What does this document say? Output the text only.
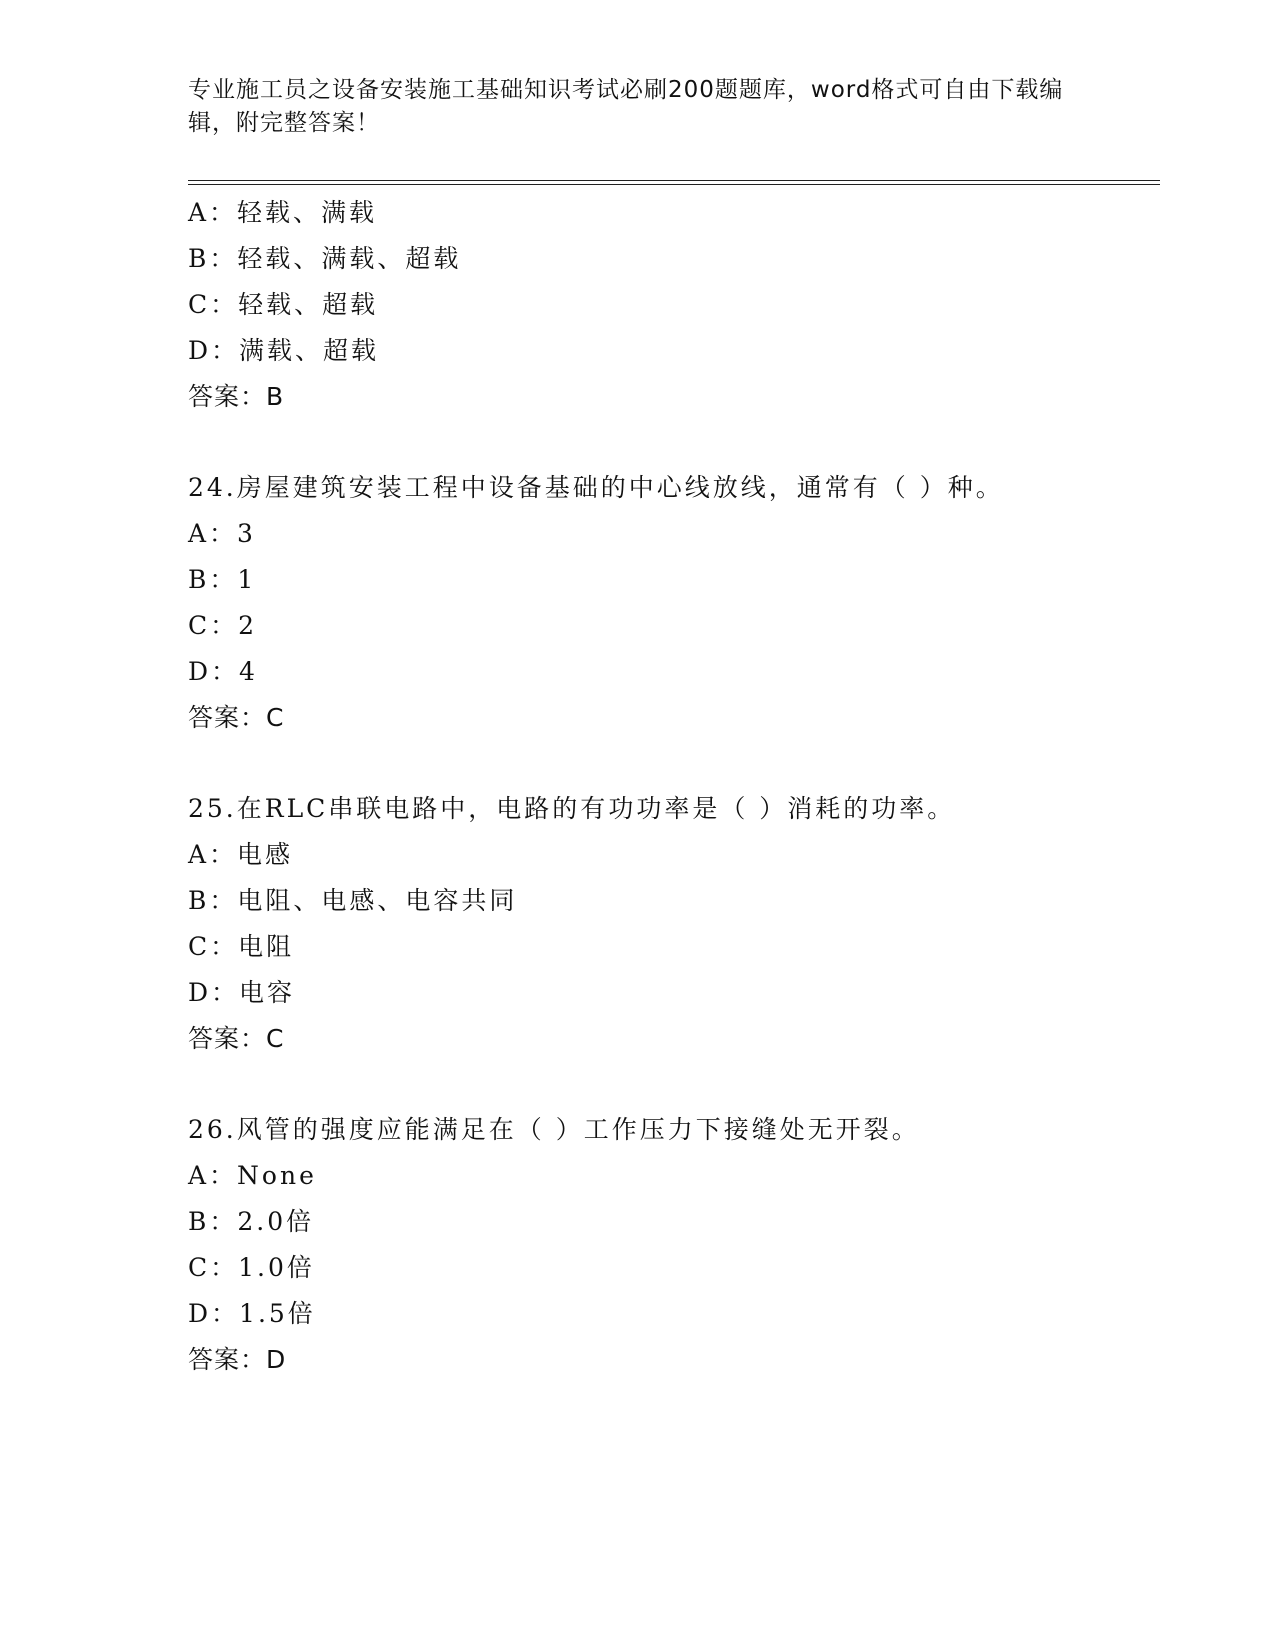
专业施工员之设备安装施工基础知识考试必刷200题题库，word格式可自由下载编辑，附完整答案！
A：轻载、满载
B：轻载、满载、超载
C：轻载、超载
D：满载、超载
答案：B
24.房屋建筑安装工程中设备基础的中心线放线，通常有（ ）种。
A：3
B：1
C：2
D：4
答案：C
25.在RLC串联电路中，电路的有功功率是（ ）消耗的功率。
A：电感
B：电阻、电感、电容共同
C：电阻
D：电容
答案：C
26.风管的强度应能满足在（ ）工作压力下接缝处无开裂。
A：None
B：2.0倍
C：1.0倍
D：1.5倍
答案：D
